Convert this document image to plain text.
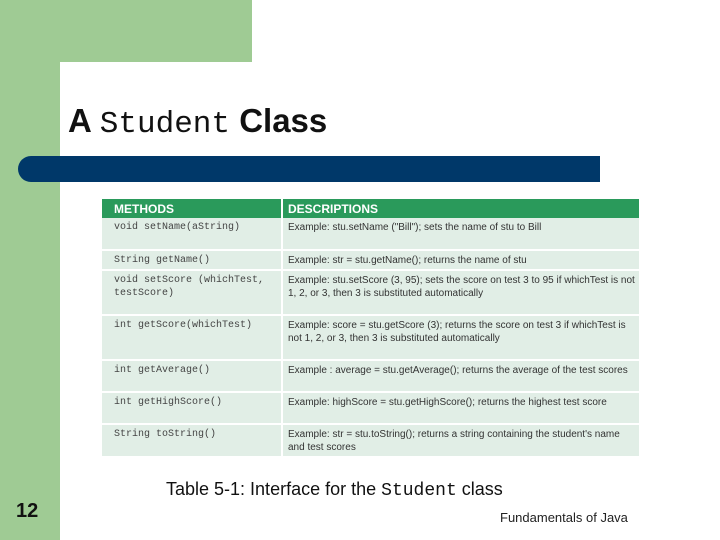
A Student Class
METHODS	DESCRIPTIONS
void setName(aString)	Example: stu.setName ("Bill"); sets the name of stu to Bill
String getName()	Example: str = stu.getName(); returns the name of stu
void setScore (whichTest, testScore)	Example: stu.setScore (3, 95); sets the score on test 3 to 95 if whichTest is not 1, 2, or 3, then 3 is substituted automatically
int getScore(whichTest)	Example: score = stu.getScore (3); returns the score on test 3 if whichTest is not 1, 2, or 3, then 3 is substituted automatically
int getAverage()	Example : average = stu.getAverage(); returns the average of the test scores
int getHighScore()	Example: highScore = stu.getHighScore(); returns the highest test score
String toString()	Example: str = stu.toString(); returns a string containing the student's name and test scores
Table 5-1: Interface for the Student class
12	Fundamentals of Java
